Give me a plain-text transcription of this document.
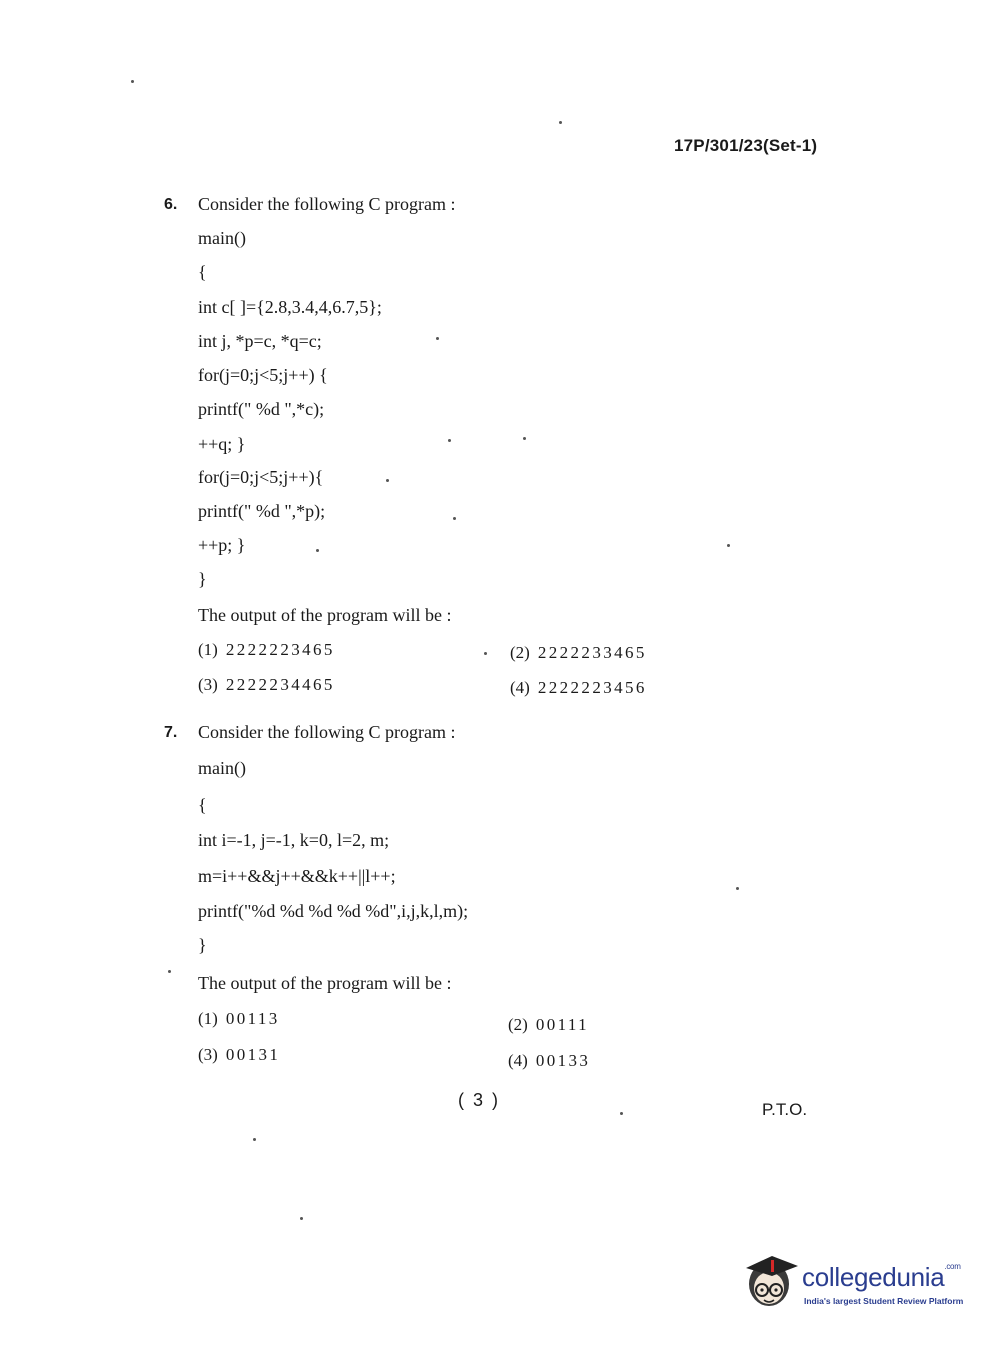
17P/301/23(Set-1)
6. Consider the following C program :
main()
{
int c[ ]={2.8,3.4,4,6.7,5};
int j, *p=c, *q=c;
for(j=0;j<5;j++) {
printf(" %d ",*c);
++q; }
for(j=0;j<5;j++){
printf(" %d ",*p);
++p; }
}
The output of the program will be :
(1) 2222223465	(2) 2222233465
(3) 2222234465	(4) 2222223456
7. Consider the following C program :
main()
{
int i=-1, j=-1, k=0, l=2, m;
m=i++&&j++&&k++||l++;
printf("%d %d %d %d %d",i,j,k,l,m);
}
The output of the program will be :
(1) 00113	(2) 00111
(3) 00131	(4) 00133
( 3 )	P.T.O.
collegedunia$^{.com}$
India's largest Student Review Platform
